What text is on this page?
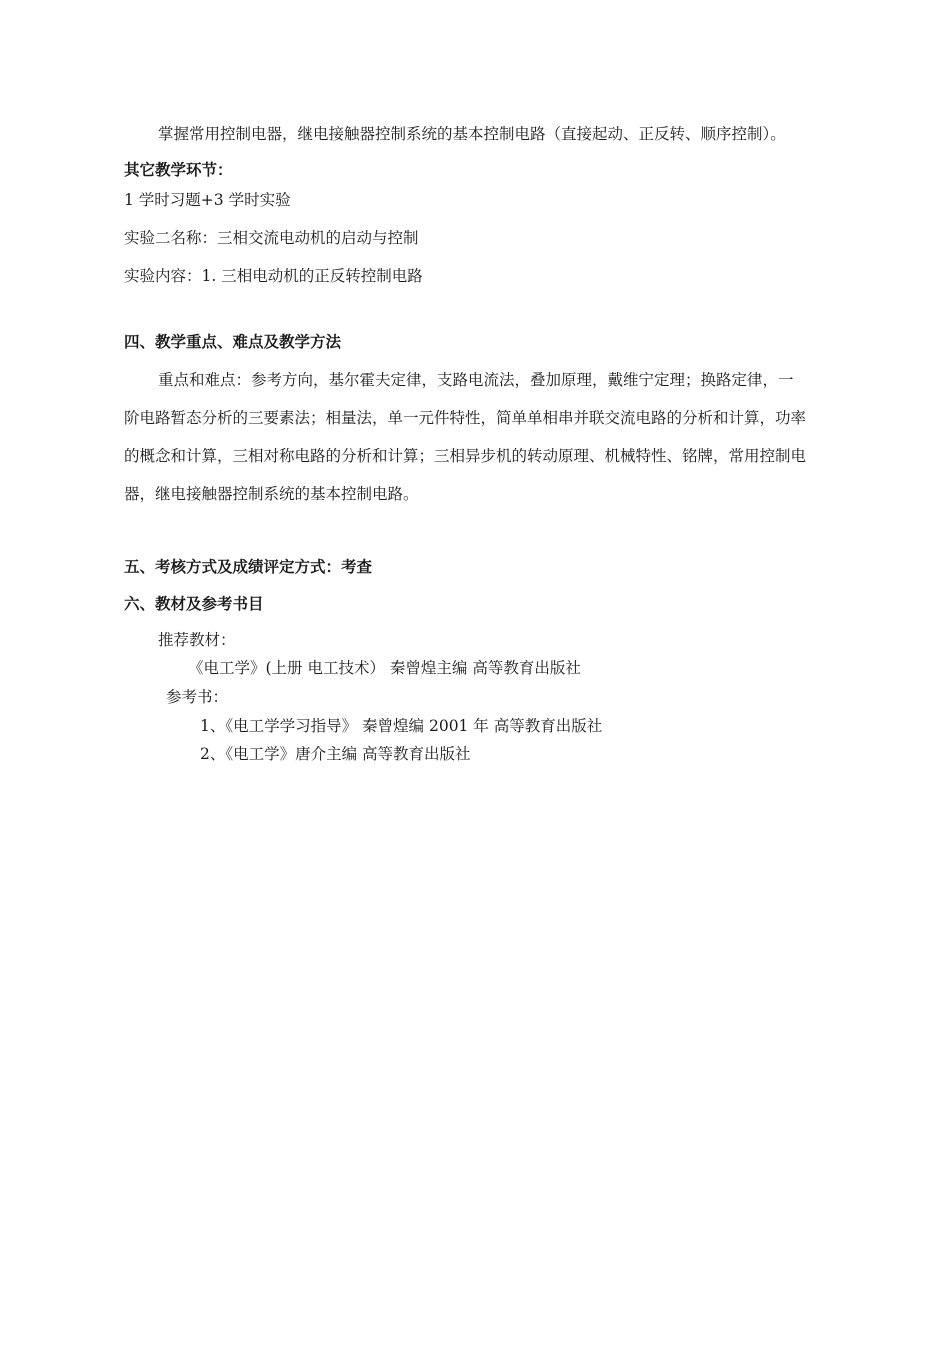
掌握常用控制电器，继电接触器控制系统的基本控制电路（直接起动、正反转、顺序控制）。
其它教学环节：
1 学时习题+3 学时实验
实验二名称：三相交流电动机的启动与控制
实验内容：1. 三相电动机的正反转控制电路
四、教学重点、难点及教学方法
重点和难点：参考方向，基尔霍夫定律，支路电流法，叠加原理，戴维宁定理；换路定律，一
阶电路暂态分析的三要素法；相量法，单一元件特性，简单单相串并联交流电路的分析和计算，功率
的概念和计算，三相对称电路的分析和计算；三相异步机的转动原理、机械特性、铭牌，常用控制电
器，继电接触器控制系统的基本控制电路。
五、考核方式及成绩评定方式：考查
六、教材及参考书目
推荐教材：
《电工学》(上册 电工技术） 秦曾煌主编 高等教育出版社
参考书：
1、《电工学学习指导》 秦曾煌编 2001 年 高等教育出版社
2、《电工学》唐介主编 高等教育出版社
